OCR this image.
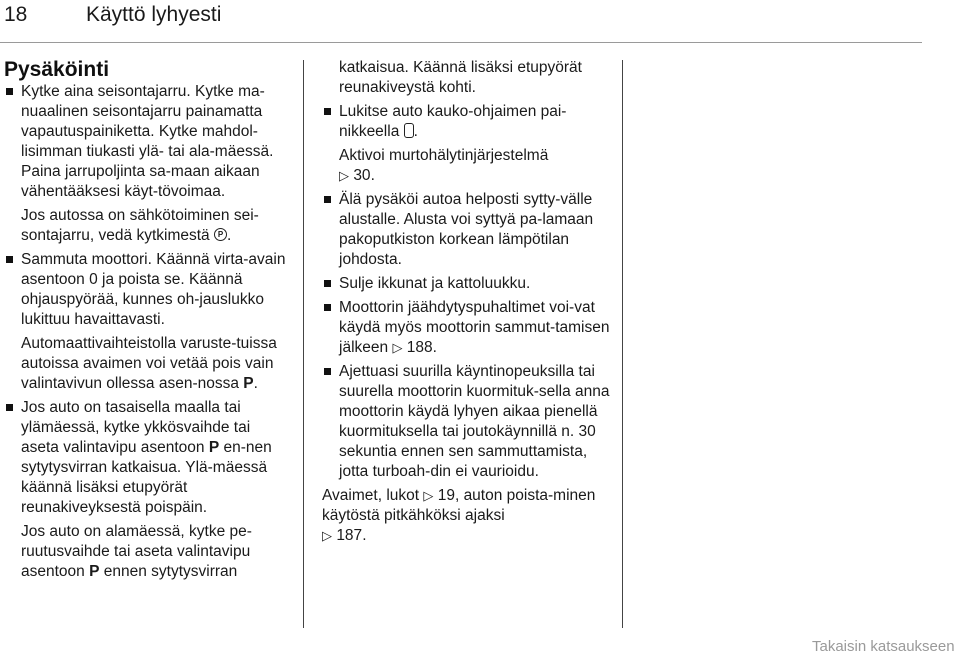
18	Käyttö lyhyesti

Pysäköinti

Kytke aina seisontajarru. Kytke ma-nuaalinen seisontajarru painamatta vapautuspainiketta. Kytke mahdol-lisimman tiukasti ylä- tai ala-mäessä. Paina jarrupoljinta sa-maan aikaan vähentääksesi käyt-tövoimaa.

Jos autossa on sähkötoiminen sei-sontajarru, vedä kytkimestä P .

Sammuta moottori. Käännä virta-avain asentoon 0 ja poista se. Käännä ohjauspyörää, kunnes oh-jauslukko lukittuu havaittavasti.

Automaattivaihteistolla varuste-tuissa autoissa avaimen voi vetää pois vain valintavivun ollessa asen-nossa P.

Jos auto on tasaisella maalla tai ylämäessä, kytke ykkösvaihde tai aseta valintavipu asentoon P en-nen sytytysvirran katkaisua. Ylä-mäessä käännä lisäksi etupyörät reunakiveyksestä poispäin.

Jos auto on alamäessä, kytke pe-ruutusvaihde tai aseta valintavipu asentoon P ennen sytytysvirran

katkaisua. Käännä lisäksi etupyörät reunakiveystä kohti.

Lukitse auto kauko-ohjaimen pai-nikkeella .

Aktivoi murtohälytinjärjestelmä
▷ 30.

Älä pysäköi autoa helposti sytty-välle alustalle. Alusta voi syttyä pa-lamaan pakoputkiston korkean lämpötilan johdosta.

Sulje ikkunat ja kattoluukku.

Moottorin jäähdytyspuhaltimet voi-vat käydä myös moottorin sammut-tamisen jälkeen ▷ 188.

Ajettuasi suurilla käyntinopeuksilla tai suurella moottorin kuormituk-sella anna moottorin käydä lyhyen aikaa pienellä kuormituksella tai joutokäynnillä n. 30 sekuntia ennen sen sammuttamista, jotta turboah-din ei vaurioidu.

Avaimet, lukot ▷ 19, auton poista-minen käytöstä pitkähköksi ajaksi
▷ 187.

Takaisin katsaukseen
